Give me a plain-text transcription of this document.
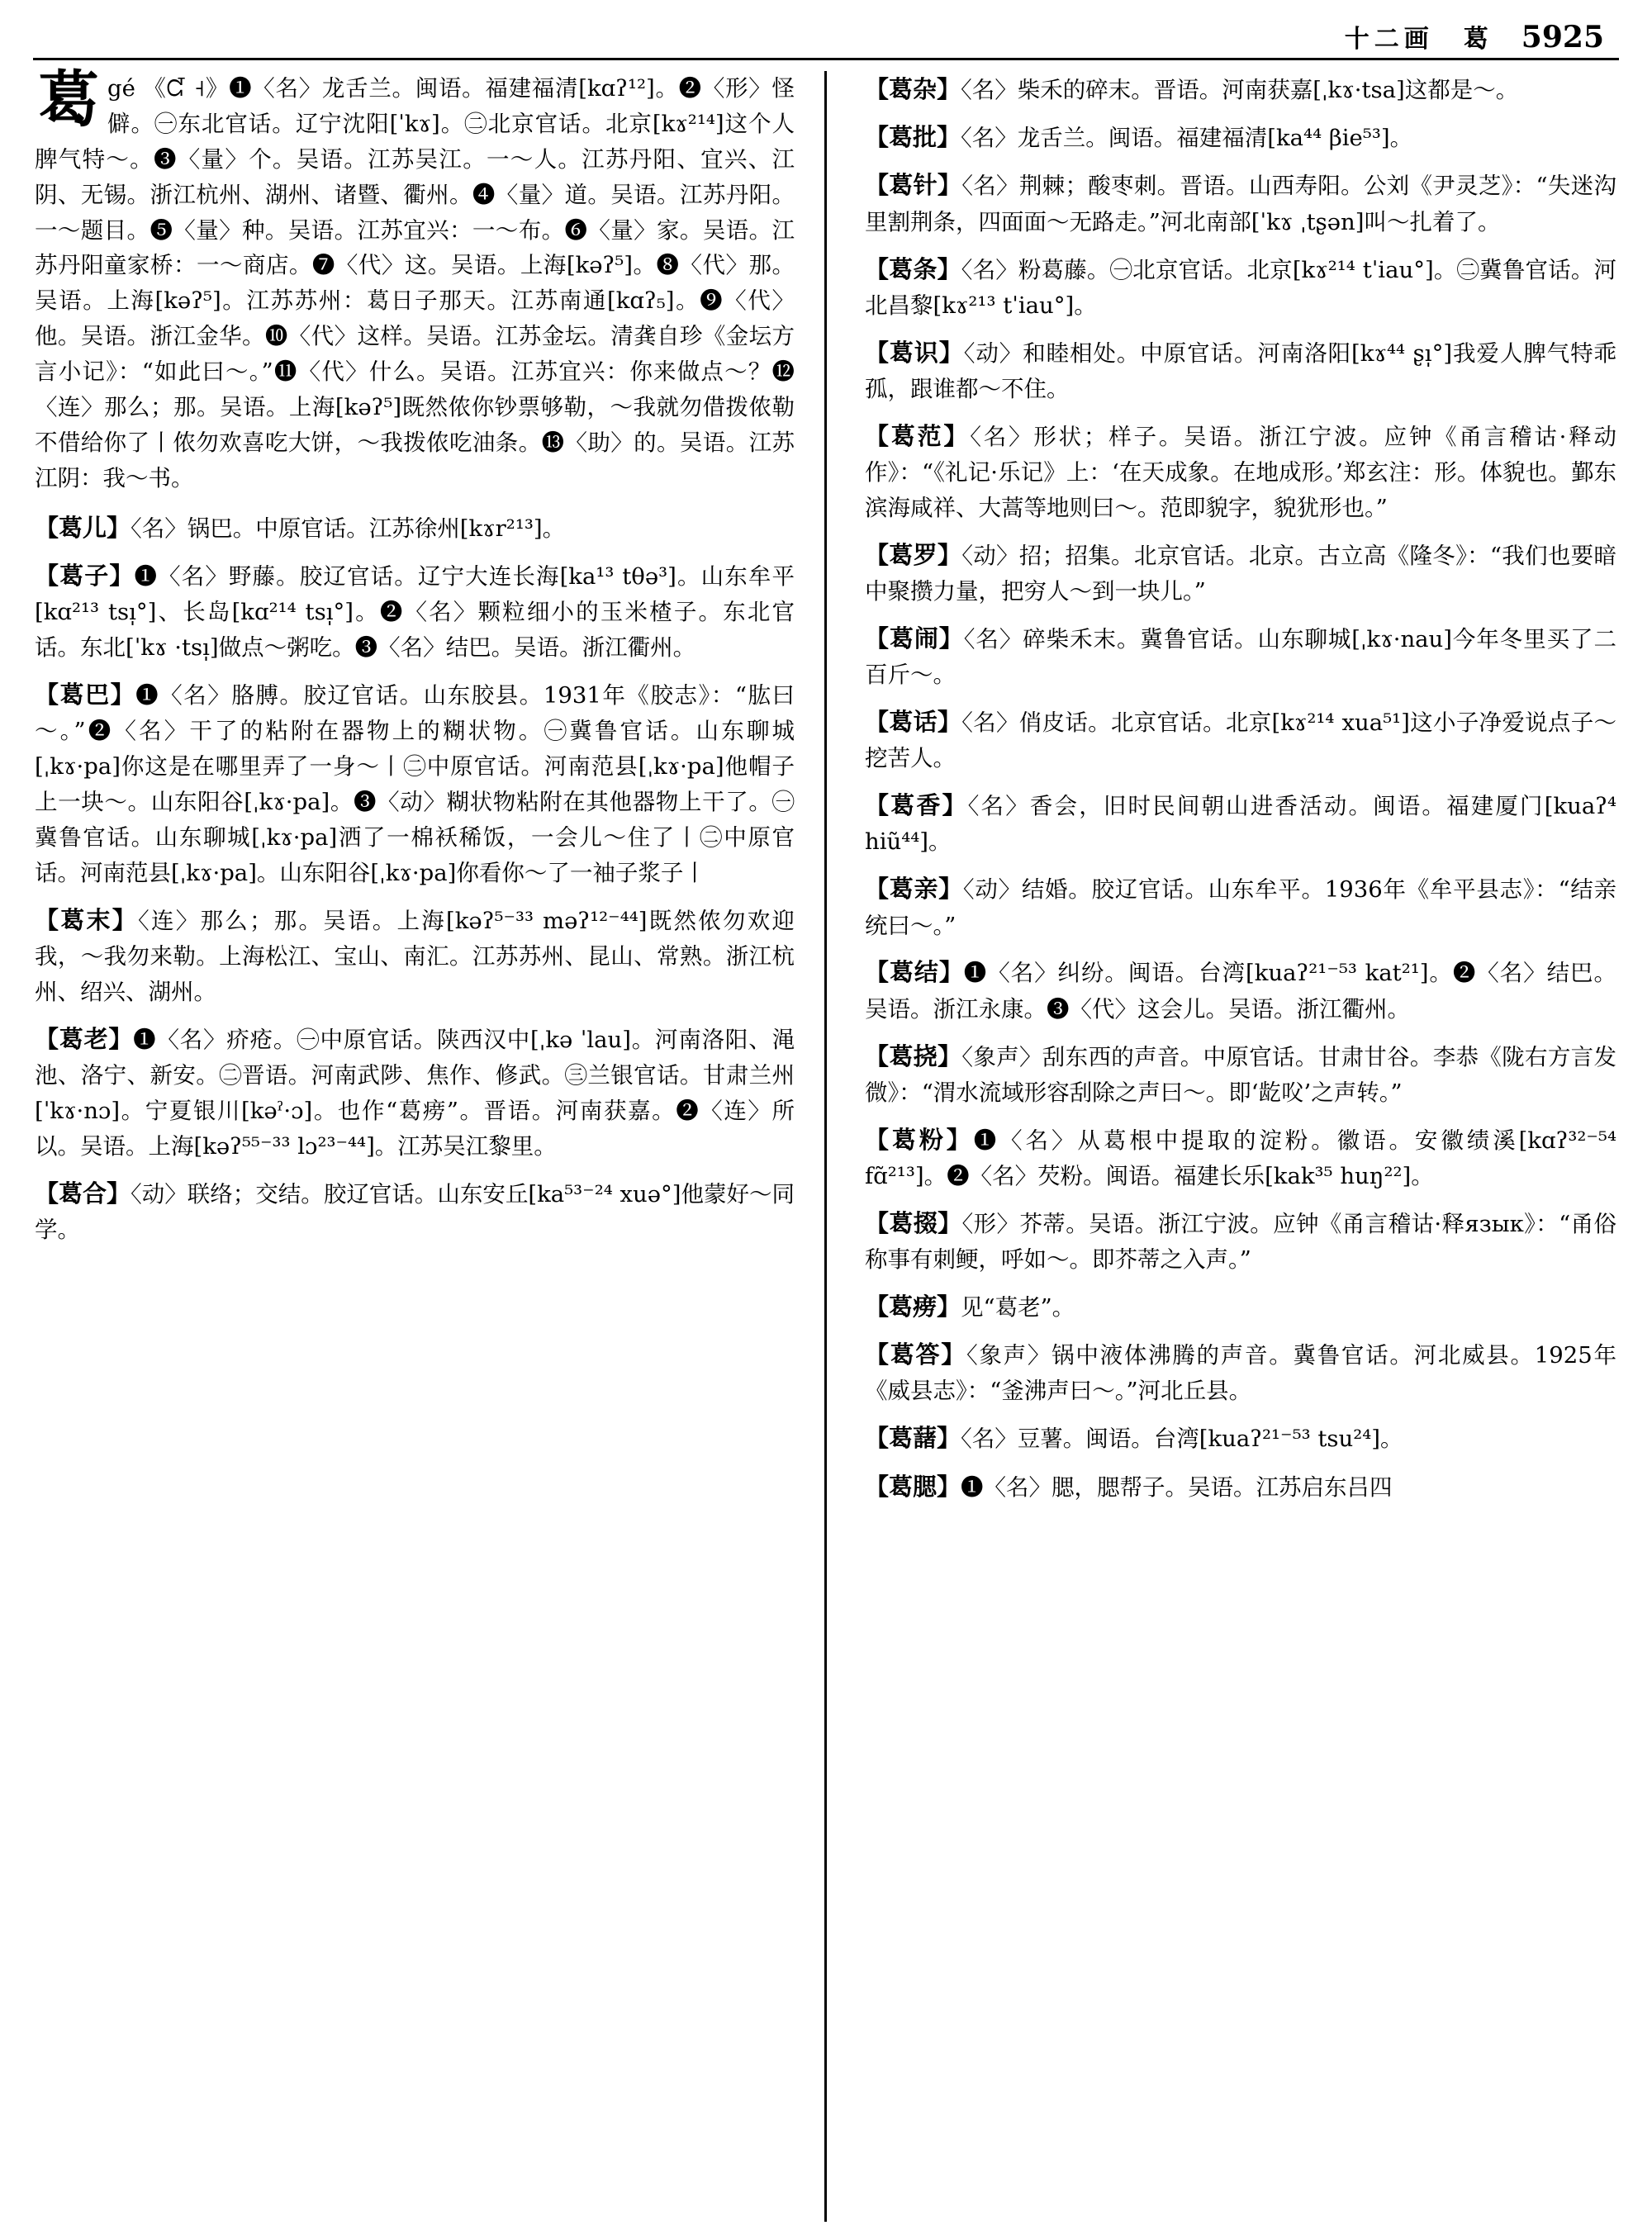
十二画　葛 5925
葛 gé 《ᘹ ˧》❶〈名〉龙舌兰。闽语。福建福清[kɑʔ¹²]。❷〈形〉怪僻。㊀东北官话。辽宁沈阳[ˈkɤ]。㊁北京官话。北京[kɤ²¹⁴]这个人脾气特～。❸〈量〉个。吴语。江苏吴江。一～人。江苏丹阳、宜兴、江阴、无锡。浙江杭州、湖州、诸暨、衢州。❹〈量〉道。吴语。江苏丹阳。一～题目。❺〈量〉种。吴语。江苏宜兴：一～布。❻〈量〉家。吴语。江苏丹阳童家桥：一～商店。❼〈代〉这。吴语。上海[kəʔ⁵]。❽〈代〉那。吴语。上海[kəʔ⁵]。江苏苏州：葛日子那天。江苏南通[kɑʔ₅]。❾〈代〉他。吴语。浙江金华。❿〈代〉这样。吴语。江苏金坛。清龚自珍《金坛方言小记》：“如此曰～。”⓫〈代〉什么。吴语。江苏宜兴：你来做点～？⓬〈连〉那么；那。吴语。上海[kəʔ⁵]既然侬你钞票够勒，～我就勿借拨侬勒不借给你了丨侬勿欢喜吃大饼，～我拨侬吃油条。⓭〈助〉的。吴语。江苏江阴：我～书。
【葛儿】〈名〉锅巴。中原官话。江苏徐州[kɤr²¹³]。
【葛子】❶〈名〉野藤。胶辽官话。辽宁大连长海[ka¹³ tθə³]。山东牟平[kɑ²¹³ tsı̩°]、长岛[kɑ²¹⁴ tsı̩°]。❷〈名〉颗粒细小的玉米楂子。东北官话。东北[ˈkɤ ·tsı̩]做点～粥吃。❸〈名〉结巴。吴语。浙江衢州。
【葛巴】❶〈名〉胳膊。胶辽官话。山东胶县。1931年《胶志》：“肱曰～。”❷〈名〉干了的粘附在器物上的糊状物。㊀冀鲁官话。山东聊城[ˌkɤ·pa]你这是在哪里弄了一身～丨㊁中原官话。河南范县[ˌkɤ·pa]他帽子上一块～。山东阳谷[ˌkɤ·pa]。❸〈动〉糊状物粘附在其他器物上干了。㊀冀鲁官话。山东聊城[ˌkɤ·pa]洒了一棉袄稀饭，一会儿～住了丨㊁中原官话。河南范县[ˌkɤ·pa]。山东阳谷[ˌkɤ·pa]你看你～了一袖子浆子丨
【葛末】〈连〉那么；那。吴语。上海[kəʔ⁵⁻³³ məʔ¹²⁻⁴⁴]既然侬勿欢迎我，～我勿来勒。上海松江、宝山、南汇。江苏苏州、昆山、常熟。浙江杭州、绍兴、湖州。
【葛老】❶〈名〉疥疮。㊀中原官话。陕西汉中[ˌkə ˈlau]。河南洛阳、渑池、洛宁、新安。㊁晋语。河南武陟、焦作、修武。㊂兰银官话。甘肃兰州[ˈkɤ·nɔ]。宁夏银川[kəˀ·ɔ]。也作“葛痨”。晋语。河南获嘉。❷〈连〉所以。吴语。上海[kəʔ⁵⁵⁻³³ lɔ²³⁻⁴⁴]。江苏吴江黎里。
【葛合】〈动〉联络；交结。胶辽官话。山东安丘[ka⁵³⁻²⁴ xuə°]他蒙好～同学。
【葛杂】〈名〉柴禾的碎末。晋语。河南获嘉[ˌkɤ·tsa]这都是～。
【葛批】〈名〉龙舌兰。闽语。福建福清[ka⁴⁴ βie⁵³]。
【葛针】〈名〉荆棘；酸枣刺。晋语。山西寿阳。公刘《尹灵芝》：“失迷沟里割荆条，四面面～无路走。”河北南部[ˈkɤ ˌtʂən]叫～扎着了。
【葛条】〈名〉粉葛藤。㊀北京官话。北京[kɤ²¹⁴ tˈiau°]。㊁冀鲁官话。河北昌黎[kɤ²¹³ tˈiau°]。
【葛识】〈动〉和睦相处。中原官话。河南洛阳[kɤ⁴⁴ ʂı̩°]我爱人脾气特乖孤，跟谁都～不住。
【葛范】〈名〉形状；样子。吴语。浙江宁波。应钟《甬言稽诂·释动作》：“《礼记·乐记》上：‘在天成象。在地成形。’郑玄注：形。体貌也。鄞东滨海咸祥、大蒿等地则曰～。范即貌字，貌犹形也。”
【葛罗】〈动〉招；招集。北京官话。北京。古立高《隆冬》：“我们也要暗中聚攒力量，把穷人～到一块儿。”
【葛闹】〈名〉碎柴禾末。冀鲁官话。山东聊城[ˌkɤ·nau]今年冬里买了二百斤～。
【葛话】〈名〉俏皮话。北京官话。北京[kɤ²¹⁴ xua⁵¹]这小子净爱说点子～挖苦人。
【葛香】〈名〉香会，旧时民间朝山进香活动。闽语。福建厦门[kuaʔ⁴ hiũ⁴⁴]。
【葛亲】〈动〉结婚。胶辽官话。山东牟平。1936年《牟平县志》：“结亲统曰～。”
【葛结】❶〈名〉纠纷。闽语。台湾[kuaʔ²¹⁻⁵³ kat²¹]。❷〈名〉结巴。吴语。浙江永康。❸〈代〉这会儿。吴语。浙江衢州。
【葛挠】〈象声〉刮东西的声音。中原官话。甘肃甘谷。李恭《陇右方言发微》：“渭水流域形容刮除之声曰～。即‘龁㕮’之声转。”
【葛粉】❶〈名〉从葛根中提取的淀粉。徽语。安徽绩溪[kɑʔ³²⁻⁵⁴ fɑ̃²¹³]。❷〈名〉芡粉。闽语。福建长乐[kak³⁵ huŋ²²]。
【葛掇】〈形〉芥蒂。吴语。浙江宁波。应钟《甬言稽诂·释язык》：“甬俗称事有刺鲠，呼如～。即芥蒂之入声。”
【葛痨】见“葛老”。
【葛答】〈象声〉锅中液体沸腾的声音。冀鲁官话。河北威县。1925年《威县志》：“釜沸声曰～。”河北丘县。
【葛藷】〈名〉豆薯。闽语。台湾[kuaʔ²¹⁻⁵³ tsu²⁴]。
【葛腮】❶〈名〉腮，腮帮子。吴语。江苏启东吕四
